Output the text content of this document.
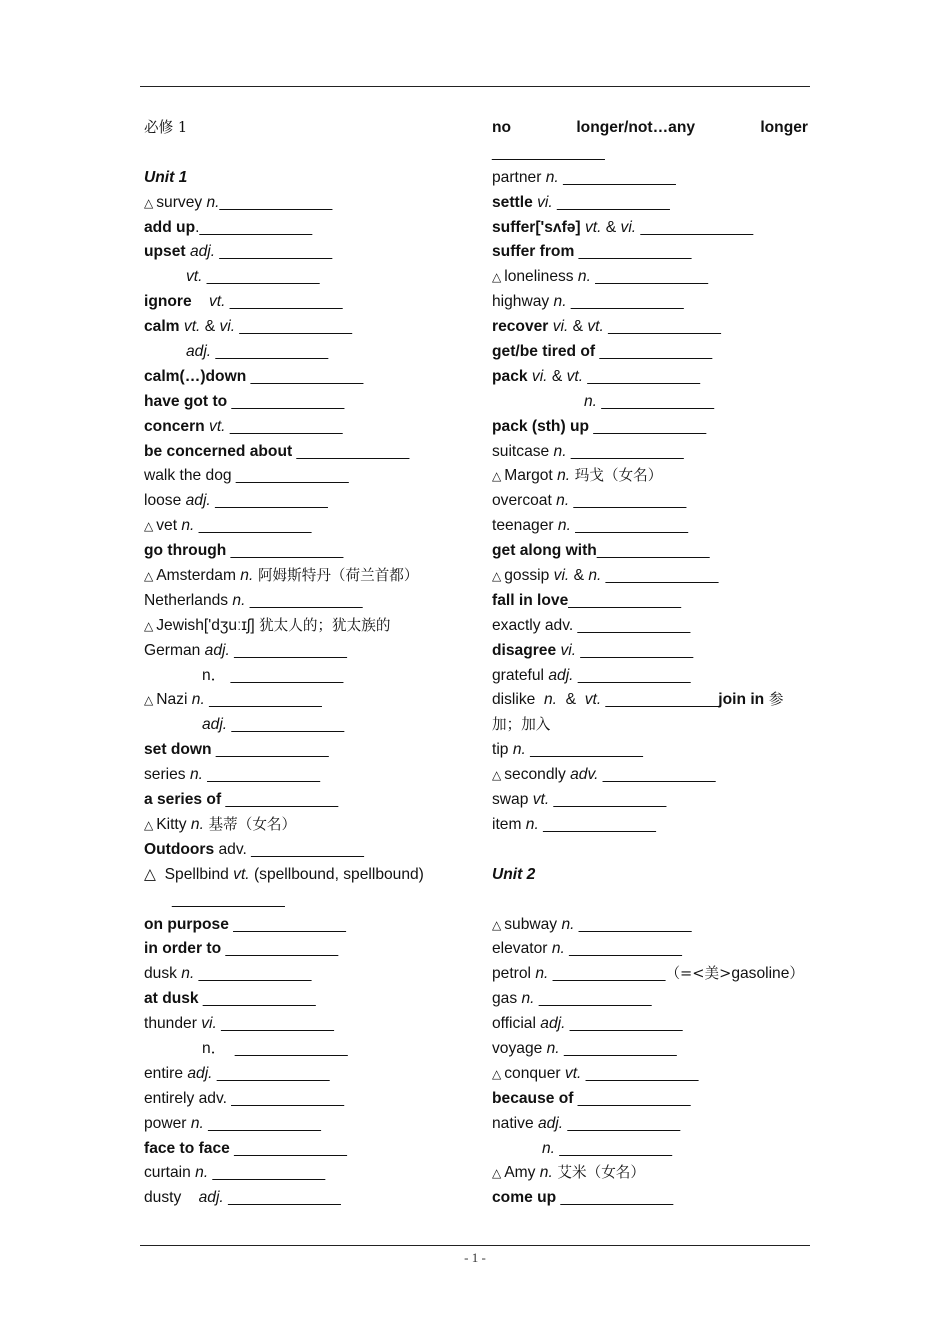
必修 1
Unit 1
△ survey n._____________
add up._____________
upset adj. _____________
vt. _____________
ignore vt. _____________
calm vt. & vi. _____________
adj. _____________
calm(…)down _____________
have got to _____________
concern vt. _____________
be concerned about _____________
walk the dog _____________
loose adj. _____________
△ vet n. _____________
go through _____________
△ Amsterdam n. 阿姆斯特丹（荷兰首都）
Netherlands n. _____________
△ Jewish['dʒuːɪʃ] 犹太人的；犹太族的
German adj. _____________
n． _____________
△ Nazi n. _____________
adj. _____________
set down _____________
series n. _____________
a series of _____________
△ Kitty n. 基蒂（女名）
Outdoors adv. _____________
△  Spellbind vt. (spellbound, spellbound)
_____________
on purpose _____________
in order to _____________
dusk n. _____________
at dusk _____________
thunder vi. _____________
n．  _____________
entire adj. _____________
entirely adv. _____________
power n. _____________
face to face _____________
curtain n. _____________
dusty    adj. _____________
no	longer/not…any	longer
_____________
partner n. _____________
settle vi. _____________
suffer['sʌfə] vt. & vi. _____________
suffer from _____________
△ loneliness n. _____________
highway n. _____________
recover vi. & vt. _____________
get/be tired of _____________
pack vi. & vt. _____________
n. _____________
pack (sth) up _____________
suitcase n. _____________
△ Margot n. 玛戈（女名）
overcoat n. _____________
teenager n. _____________
get along with_____________
△ gossip vi. & n. _____________
fall in love_____________
exactly adv. _____________
disagree vi. _____________
grateful adj. _____________
dislike  n.  &  vt. _____________join in 参
加；加入
tip n. _____________
△ secondly adv. _____________
swap vt. _____________
item n. _____________
Unit 2
△ subway n. _____________
elevator n. _____________
petrol n. _____________（=<美>gasoline）
gas n. _____________
official adj. _____________
voyage n. _____________
△ conquer vt. _____________
because of _____________
native adj. _____________
n. _____________
△ Amy n. 艾米（女名）
come up _____________
- 1 -
